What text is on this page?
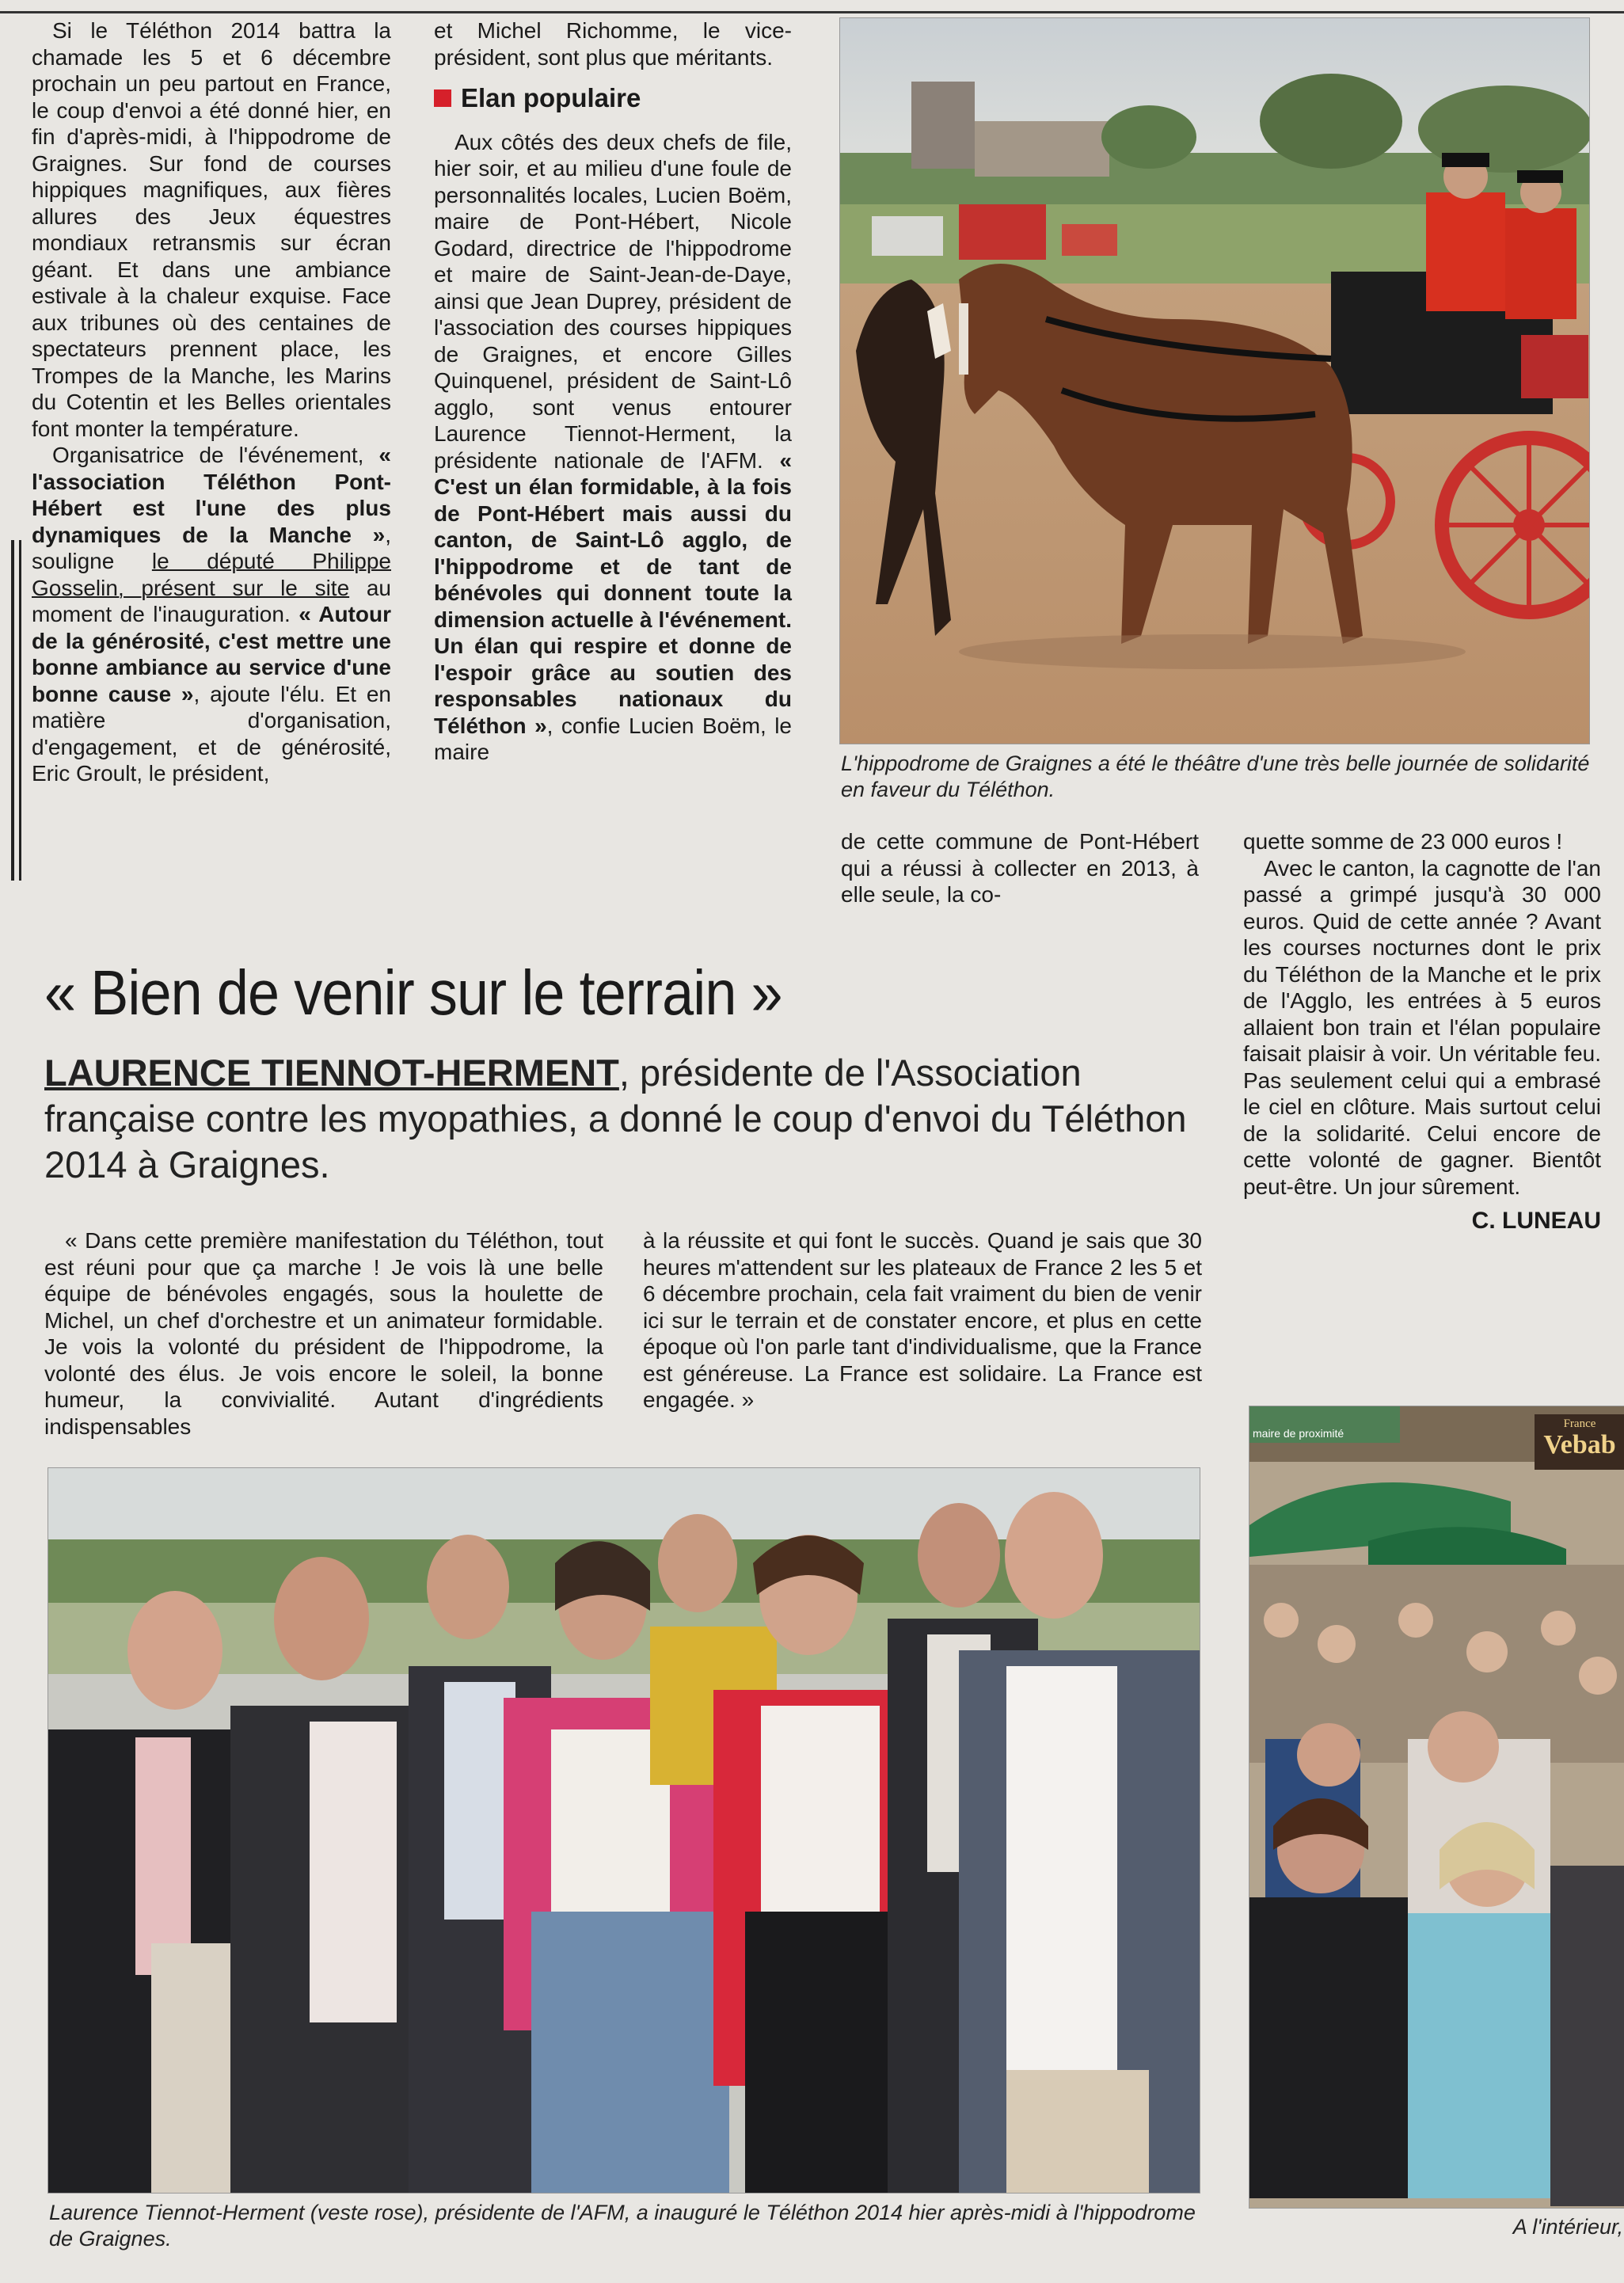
Si le Téléthon 2014 battra la chamade les 5 et 6 décembre prochain un peu partout en France, le coup d'envoi a été donné hier, en fin d'après-midi, à l'hippodrome de Graignes. Sur fond de courses hippiques magnifiques, aux fières allures des Jeux équestres mondiaux retransmis sur écran géant. Et dans une ambiance estivale à la chaleur exquise. Face aux tribunes où des centaines de spectateurs prennent place, les Trompes de la Manche, les Marins du Cotentin et les Belles orientales font monter la température.

Organisatrice de l'événement, « l'association Téléthon Pont-Hébert est l'une des plus dynamiques de la Manche », souligne le député Philippe Gosselin, présent sur le site au moment de l'inauguration. « Autour de la générosité, c'est mettre une bonne ambiance au service d'une bonne cause », ajoute l'élu. Et en matière d'organisation, d'engagement, et de générosité, Eric Groult, le président,

et Michel Richomme, le vice-président, sont plus que méritants.

Elan populaire

Aux côtés des deux chefs de file, hier soir, et au milieu d'une foule de personnalités locales, Lucien Boëm, maire de Pont-Hébert, Nicole Godard, directrice de l'hippodrome et maire de Saint-Jean-de-Daye, ainsi que Jean Duprey, président de l'association des courses hippiques de Graignes, et encore Gilles Quinquenel, président de Saint-Lô agglo, sont venus entourer Laurence Tiennot-Herment, la présidente nationale de l'AFM. « C'est un élan formidable, à la fois de Pont-Hébert mais aussi du canton, de Saint-Lô agglo, de l'hippodrome et de tant de bénévoles qui donnent toute la dimension actuelle à l'événement. Un élan qui respire et donne de l'espoir grâce au soutien des responsables nationaux du Téléthon », confie Lucien Boëm, le maire	L'hippodrome de Graignes a été le théâtre d'une très belle journée de solidarité en faveur du Téléthon.

de cette commune de Pont-Hébert qui a réussi à collecter en 2013, à elle seule, la co-

quette somme de 23 000 euros !

Avec le canton, la cagnotte de l'an passé a grimpé jusqu'à 30 000 euros. Quid de cette année ? Avant les courses nocturnes dont le prix du Téléthon de la Manche et le prix de l'Agglo, les entrées à 5 euros allaient bon train et l'élan populaire faisait plaisir à voir. Un véritable feu. Pas seulement celui qui a embrasé le ciel en clôture. Mais surtout celui de la solidarité. Celui encore de cette volonté de gagner. Bientôt peut-être. Un jour sûrement.

C. LUNEAU
« Bien de venir sur le terrain »
LAURENCE TIENNOT-HERMENT, présidente de l'Association française contre les myopathies, a donné le coup d'envoi du Téléthon 2014 à Graignes.

« Dans cette première manifestation du Téléthon, tout est réuni pour que ça marche ! Je vois là une belle équipe de bénévoles engagés, sous la houlette de Michel, un chef d'orchestre et un animateur formidable. Je vois la volonté du président de l'hippodrome, la volonté des élus. Je vois encore le soleil, la bonne humeur, la convivialité. Autant d'ingrédients indispensables

à la réussite et qui font le succès. Quand je sais que 30 heures m'attendent sur les plateaux de France 2 les 5 et 6 décembre prochain, cela fait vraiment du bien de venir ici sur le terrain et de constater encore, et plus en cette époque où l'on parle tant d'individualisme, que la France est généreuse. La France est solidaire. La France est engagée. »

Laurence Tiennot-Herment (veste rose), présidente de l'AFM, a inauguré le Téléthon 2014 hier après-midi à l'hippodrome de Graignes.
France
Vebab
maire de proximité
A l'intérieur,
